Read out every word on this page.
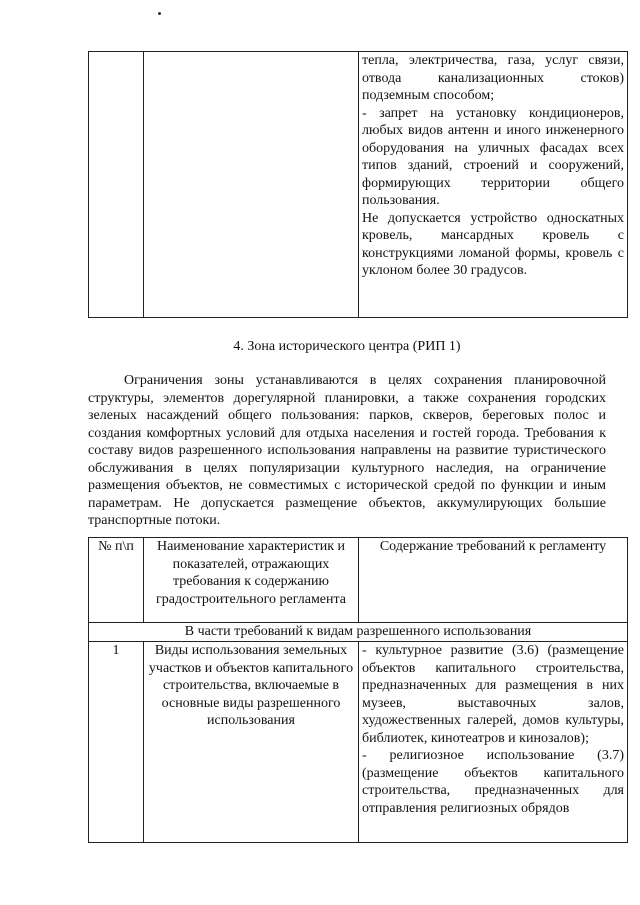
тепла, электричества, газа, услуг связи, отвода канализационных стоков) подземным способом;

- запрет на установку кондиционеров, любых видов антенн и иного инженерного оборудования на уличных фасадах всех типов зданий, строений и сооружений, формирующих территории общего пользования.

Не допускается устройство односкатных кровель, мансардных кровель с конструкциями ломаной формы, кровель с уклоном более 30 градусов.

4. Зона исторического центра (РИП 1)

Ограничения зоны устанавливаются в целях сохранения планировочной структуры, элементов дорегулярной планировки, а также сохранения городских зеленых насаждений общего пользования: парков, скверов, береговых полос и создания комфортных условий для отдыха населения и гостей города. Требования к составу видов разрешенного использования направлены на развитие туристического обслуживания в целях популяризации культурного наследия, на ограничение размещения объектов, не совместимых с исторической средой по функции и иным параметрам. Не допускается размещение объектов, аккумулирующих большие транспортные потоки.

№ п\п	Наименование характеристик и показателей, отражающих требования к содержанию градостроительного регламента	Содержание требований к регламенту
В части требований к видам разрешенного использования		
1	Виды использования земельных участков и объектов капитального строительства, включаемые в основные виды разрешенного использования	- культурное развитие (3.6) (размещение объектов капитального строительства, предназначенных для размещения в них музеев, выставочных залов, художественных галерей, домов культуры, библиотек, кинотеатров и кинозалов);

- религиозное использование (3.7) (размещение объектов капитального строительства, предназначенных для отправления религиозных обрядов
